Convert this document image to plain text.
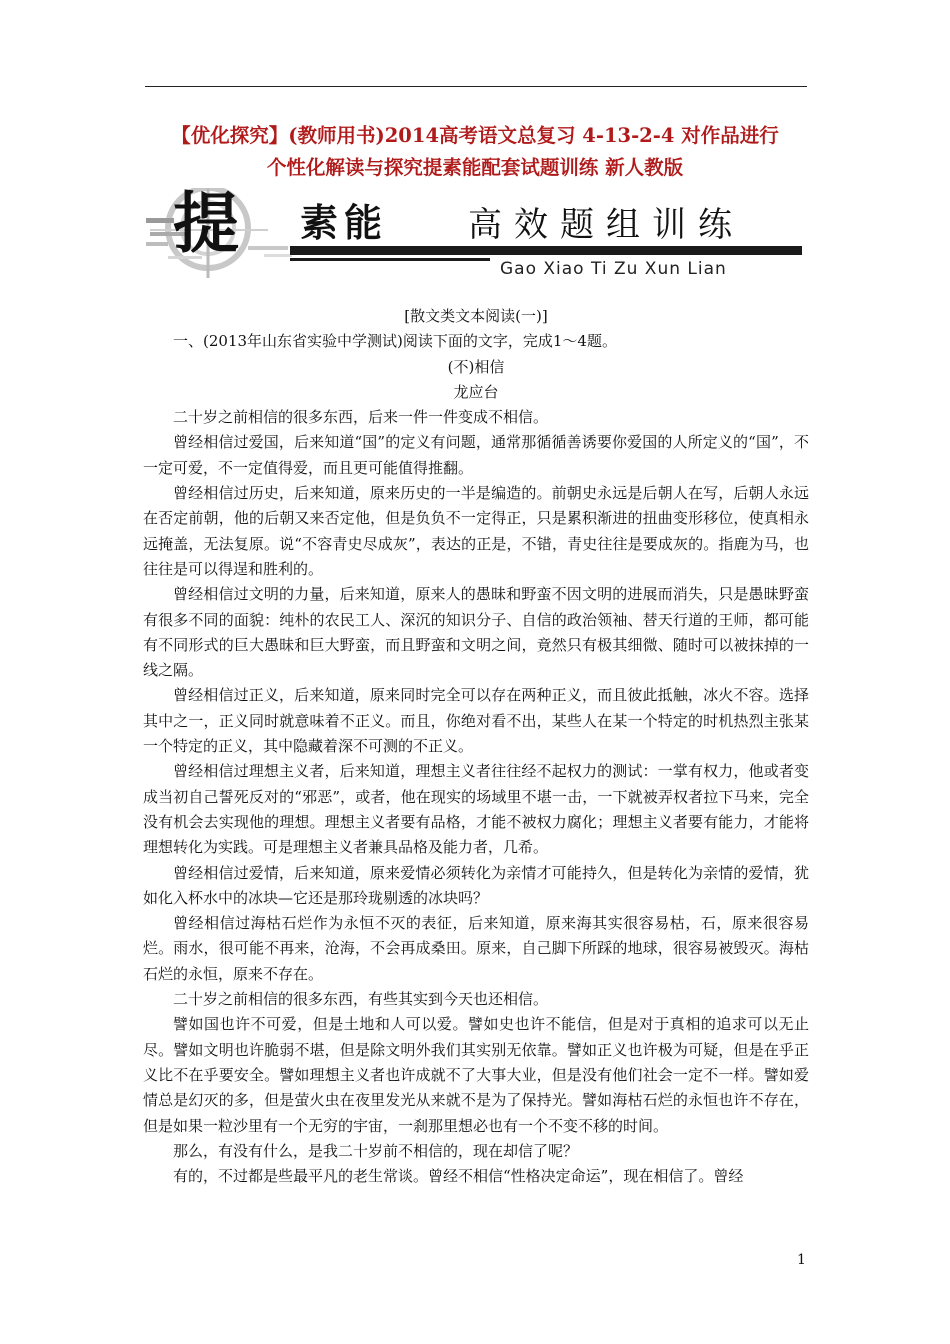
【优化探究】(教师用书)2014高考语文总复习 4-13-2-4 对作品进行
个性化解读与探究提素能配套试题训练 新人教版
提 素能 高效题组训练
Gao Xiao Ti Zu Xun Lian
[散文类文本阅读(一)]
一、(2013年山东省实验中学测试)阅读下面的文字，完成1～4题。
(不)相信
龙应台

二十岁之前相信的很多东西，后来一件一件变成不相信。

曾经相信过爱国，后来知道“国”的定义有问题，通常那循循善诱要你爱国的人所定义的“国”，不一定可爱，不一定值得爱，而且更可能值得推翻。

曾经相信过历史，后来知道，原来历史的一半是编造的。前朝史永远是后朝人在写，后朝人永远在否定前朝，他的后朝又来否定他，但是负负不一定得正，只是累积渐进的扭曲变形移位，使真相永远掩盖，无法复原。说“不容青史尽成灰”，表达的正是，不错，青史往往是要成灰的。指鹿为马，也往往是可以得逞和胜利的。

曾经相信过文明的力量，后来知道，原来人的愚昧和野蛮不因文明的进展而消失，只是愚昧野蛮有很多不同的面貌：纯朴的农民工人、深沉的知识分子、自信的政治领袖、替天行道的王师，都可能有不同形式的巨大愚昧和巨大野蛮，而且野蛮和文明之间，竟然只有极其细微、随时可以被抹掉的一线之隔。

曾经相信过正义，后来知道，原来同时完全可以存在两种正义，而且彼此抵触，冰火不容。选择其中之一，正义同时就意味着不正义。而且，你绝对看不出，某些人在某一个特定的时机热烈主张某一个特定的正义，其中隐藏着深不可测的不正义。

曾经相信过理想主义者，后来知道，理想主义者往往经不起权力的测试：一掌有权力，他或者变成当初自己誓死反对的“邪恶”，或者，他在现实的场域里不堪一击，一下就被弄权者拉下马来，完全没有机会去实现他的理想。理想主义者要有品格，才能不被权力腐化；理想主义者要有能力，才能将理想转化为实践。可是理想主义者兼具品格及能力者，几希。

曾经相信过爱情，后来知道，原来爱情必须转化为亲情才可能持久，但是转化为亲情的爱情，犹如化入杯水中的冰块—它还是那玲珑剔透的冰块吗？

曾经相信过海枯石烂作为永恒不灭的表征，后来知道，原来海其实很容易枯，石，原来很容易烂。雨水，很可能不再来，沧海，不会再成桑田。原来，自己脚下所踩的地球，很容易被毁灭。海枯石烂的永恒，原来不存在。

二十岁之前相信的很多东西，有些其实到今天也还相信。

譬如国也许不可爱，但是土地和人可以爱。譬如史也许不能信，但是对于真相的追求可以无止尽。譬如文明也许脆弱不堪，但是除文明外我们其实别无依靠。譬如正义也许极为可疑，但是在乎正义比不在乎要安全。譬如理想主义者也许成就不了大事大业，但是没有他们社会一定不一样。譬如爱情总是幻灭的多，但是萤火虫在夜里发光从来就不是为了保持光。譬如海枯石烂的永恒也许不存在，但是如果一粒沙里有一个无穷的宇宙，一刹那里想必也有一个不变不移的时间。

那么，有没有什么，是我二十岁前不相信的，现在却信了呢？

有的，不过都是些最平凡的老生常谈。曾经不相信“性格决定命运”，现在相信了。曾经

1
